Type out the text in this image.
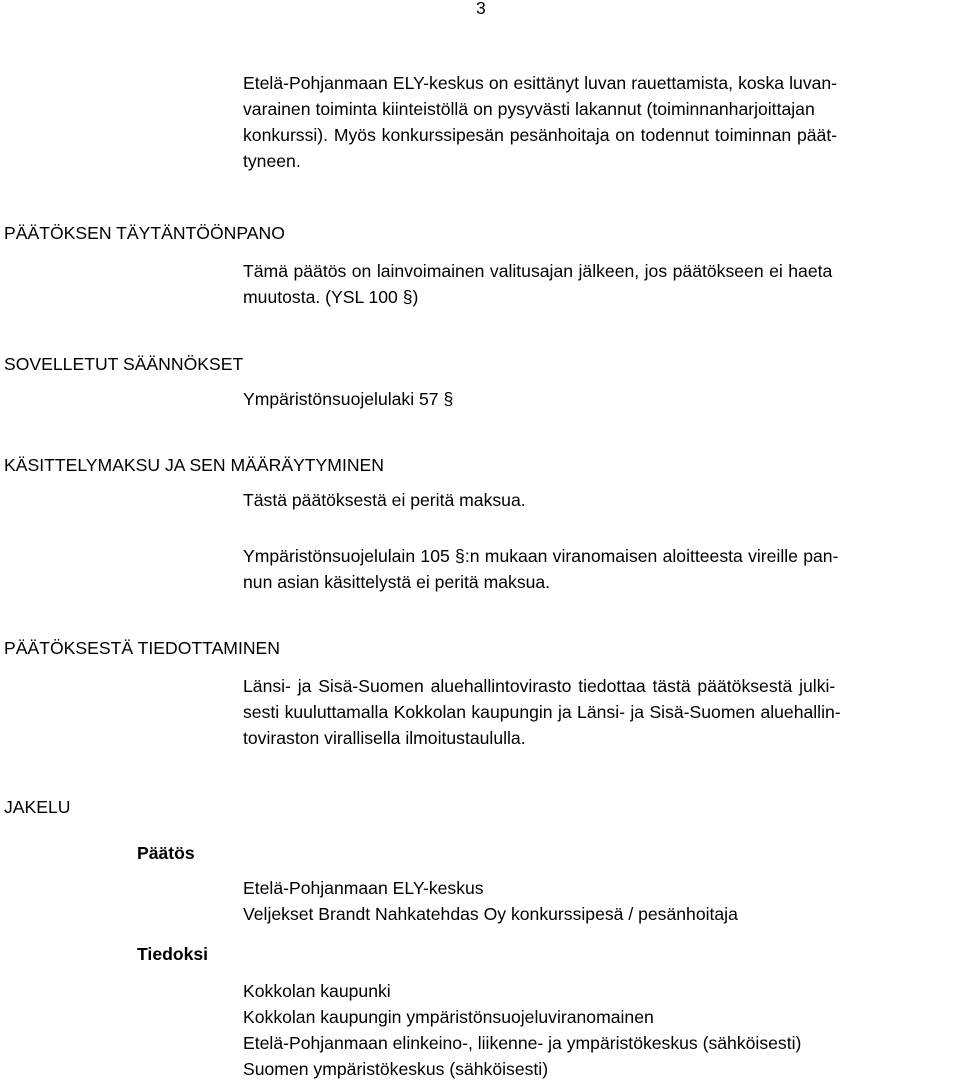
3
Etelä-Pohjanmaan ELY-keskus on esittänyt luvan rauettamista, koska luvan-
varainen toiminta kiinteistöllä on pysyvästi lakannut (toiminnanharjoittajan
konkurssi). Myös konkurssipesän pesänhoitaja on todennut toiminnan päät-
tyneen.
PÄÄTÖKSEN TÄYTÄNTÖÖNPANO
Tämä päätös on lainvoimainen valitusajan jälkeen, jos päätökseen ei haeta
muutosta. (YSL 100 §)
SOVELLETUT SÄÄNNÖKSET
Ympäristönsuojelulaki 57 §
KÄSITTELYMAKSU JA SEN MÄÄRÄYTYMINEN
Tästä päätöksestä ei peritä maksua.
Ympäristönsuojelulain 105 §:n mukaan viranomaisen aloitteesta vireille pan-
nun asian käsittelystä ei peritä maksua.
PÄÄTÖKSESTÄ TIEDOTTAMINEN
Länsi- ja Sisä-Suomen aluehallintovirasto tiedottaa tästä päätöksestä julki-
sesti kuuluttamalla Kokkolan kaupungin ja Länsi- ja Sisä-Suomen aluehallin-
toviraston virallisella ilmoitustaululla.
JAKELU
Päätös
Etelä-Pohjanmaan ELY-keskus
Veljekset Brandt Nahkatehdas Oy konkurssipesä / pesänhoitaja
Tiedoksi
Kokkolan kaupunki
Kokkolan kaupungin ympäristönsuojeluviranomainen
Etelä-Pohjanmaan elinkeino-, liikenne- ja ympäristökeskus (sähköisesti)
Suomen ympäristökeskus (sähköisesti)
